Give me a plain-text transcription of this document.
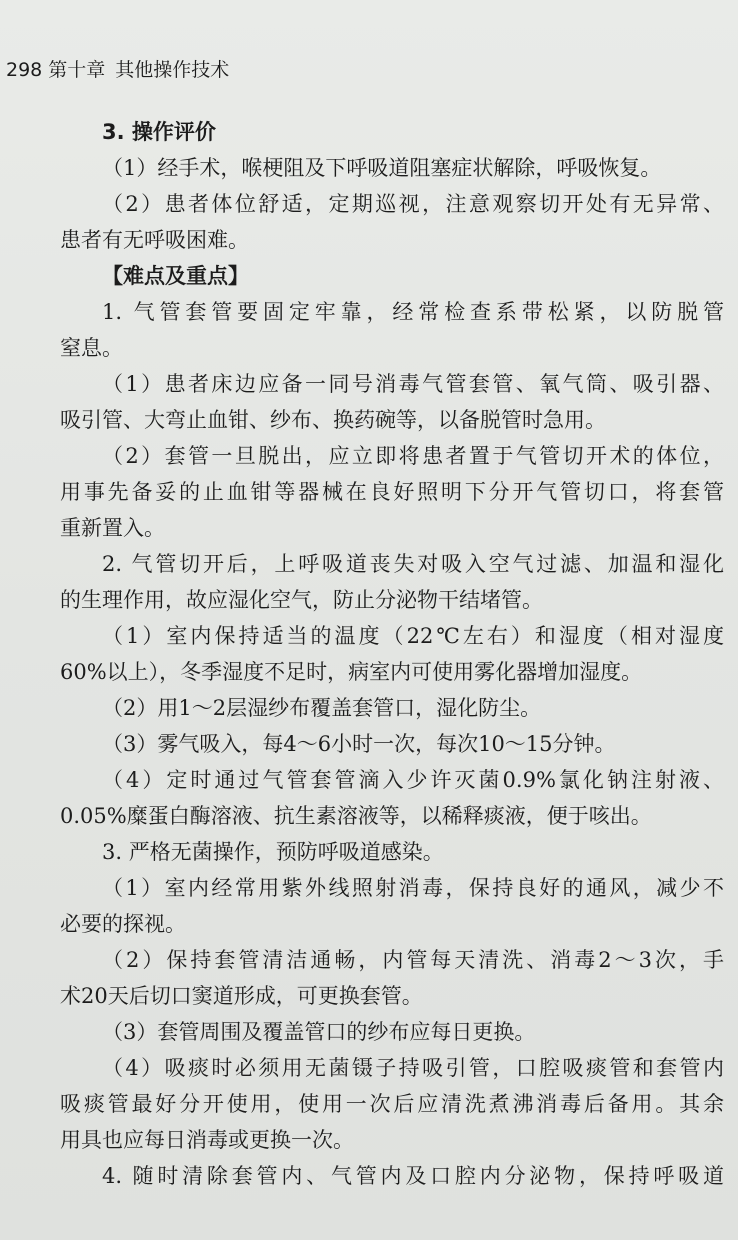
298 第十章 其他操作技术
3. 操作评价
（1）经手术，喉梗阻及下呼吸道阻塞症状解除，呼吸恢复。
（2）患者体位舒适，定期巡视，注意观察切开处有无异常、
患者有无呼吸困难。
【难点及重点】
1. 气管套管要固定牢靠，经常检查系带松紧，以防脱管
窒息。
（1）患者床边应备一同号消毒气管套管、氧气筒、吸引器、
吸引管、大弯止血钳、纱布、换药碗等，以备脱管时急用。
（2）套管一旦脱出，应立即将患者置于气管切开术的体位，
用事先备妥的止血钳等器械在良好照明下分开气管切口，将套管
重新置入。
2. 气管切开后，上呼吸道丧失对吸入空气过滤、加温和湿化
的生理作用，故应湿化空气，防止分泌物干结堵管。
（1）室内保持适当的温度（22℃左右）和湿度（相对湿度
60%以上），冬季湿度不足时，病室内可使用雾化器增加湿度。
（2）用1～2层湿纱布覆盖套管口，湿化防尘。
（3）雾气吸入，每4～6小时一次，每次10～15分钟。
（4）定时通过气管套管滴入少许灭菌0.9%氯化钠注射液、
0.05%糜蛋白酶溶液、抗生素溶液等，以稀释痰液，便于咳出。
3. 严格无菌操作，预防呼吸道感染。
（1）室内经常用紫外线照射消毒，保持良好的通风，减少不
必要的探视。
（2）保持套管清洁通畅，内管每天清洗、消毒2～3次，手
术20天后切口窦道形成，可更换套管。
（3）套管周围及覆盖管口的纱布应每日更换。
（4）吸痰时必须用无菌镊子持吸引管，口腔吸痰管和套管内
吸痰管最好分开使用，使用一次后应清洗煮沸消毒后备用。其余
用具也应每日消毒或更换一次。
4. 随时清除套管内、气管内及口腔内分泌物，保持呼吸道
